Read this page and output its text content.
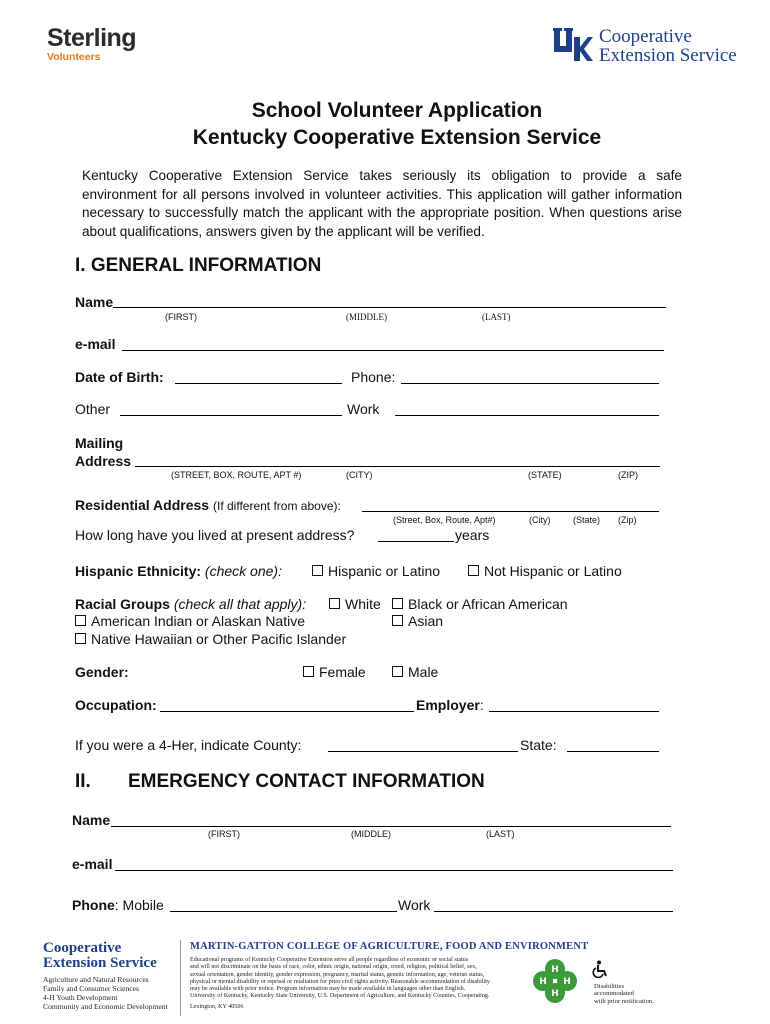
Sterling
Volunteers
Cooperative
Extension Service
School Volunteer Application
Kentucky Cooperative Extension Service
Kentucky Cooperative Extension Service takes seriously its obligation to provide a safe environment for all persons involved in volunteer activities. This application will gather information necessary to successfully match the applicant with the appropriate position. When questions arise about qualifications, answers given by the applicant will be verified.
I. GENERAL INFORMATION
Name
(FIRST)	(MIDDLE)	(LAST)
e-mail
Date of Birth:	Phone:
Other	Work
Mailing
Address
(STREET, BOX, ROUTE, APT #)	(CITY)	(STATE)	(ZIP)
Residential Address (If different from above):
(Street, Box, Route, Apt#)	(City)	(State) (Zip)
How long have you lived at present address?	years
Hispanic Ethnicity: (check one):	Hispanic or Latino	Not Hispanic or Latino
Racial Groups (check all that apply):	White	Black or African American
American Indian or Alaskan Native	Asian
Native Hawaiian or Other Pacific Islander
Gender:	Female	Male
Occupation:	Employer:
If you were a 4-Her, indicate County:	State:
II. EMERGENCY CONTACT INFORMATION
Name
(FIRST)	(MIDDLE)	(LAST)
e-mail
Phone: Mobile	Work
Cooperative
Extension Service
Agriculture and Natural Resources
Family and Consumer Sciences
4-H Youth Development
Community and Economic Development
MARTIN-GATTON COLLEGE OF AGRICULTURE, FOOD AND ENVIRONMENT
Educational programs of Kentucky Cooperative Extension serve all people regardless of economic or social status
and will not discriminate on the basis of race, color, ethnic origin, national origin, creed, religion, political belief, sex,
sexual orientation, gender identity, gender expression, pregnancy, marital status, genetic information, age, veteran status,
physical or mental disability or reprisal or retaliation for prior civil rights activity. Reasonable accommodation of disability
may be available with prior notice. Program information may be made available in languages other than English.
University of Kentucky, Kentucky State University, U.S. Department of Agriculture, and Kentucky Counties, Cooperating.
Lexington, KY 40506
H
H
H
H	Disabilities
accommodated
with prior notification.
